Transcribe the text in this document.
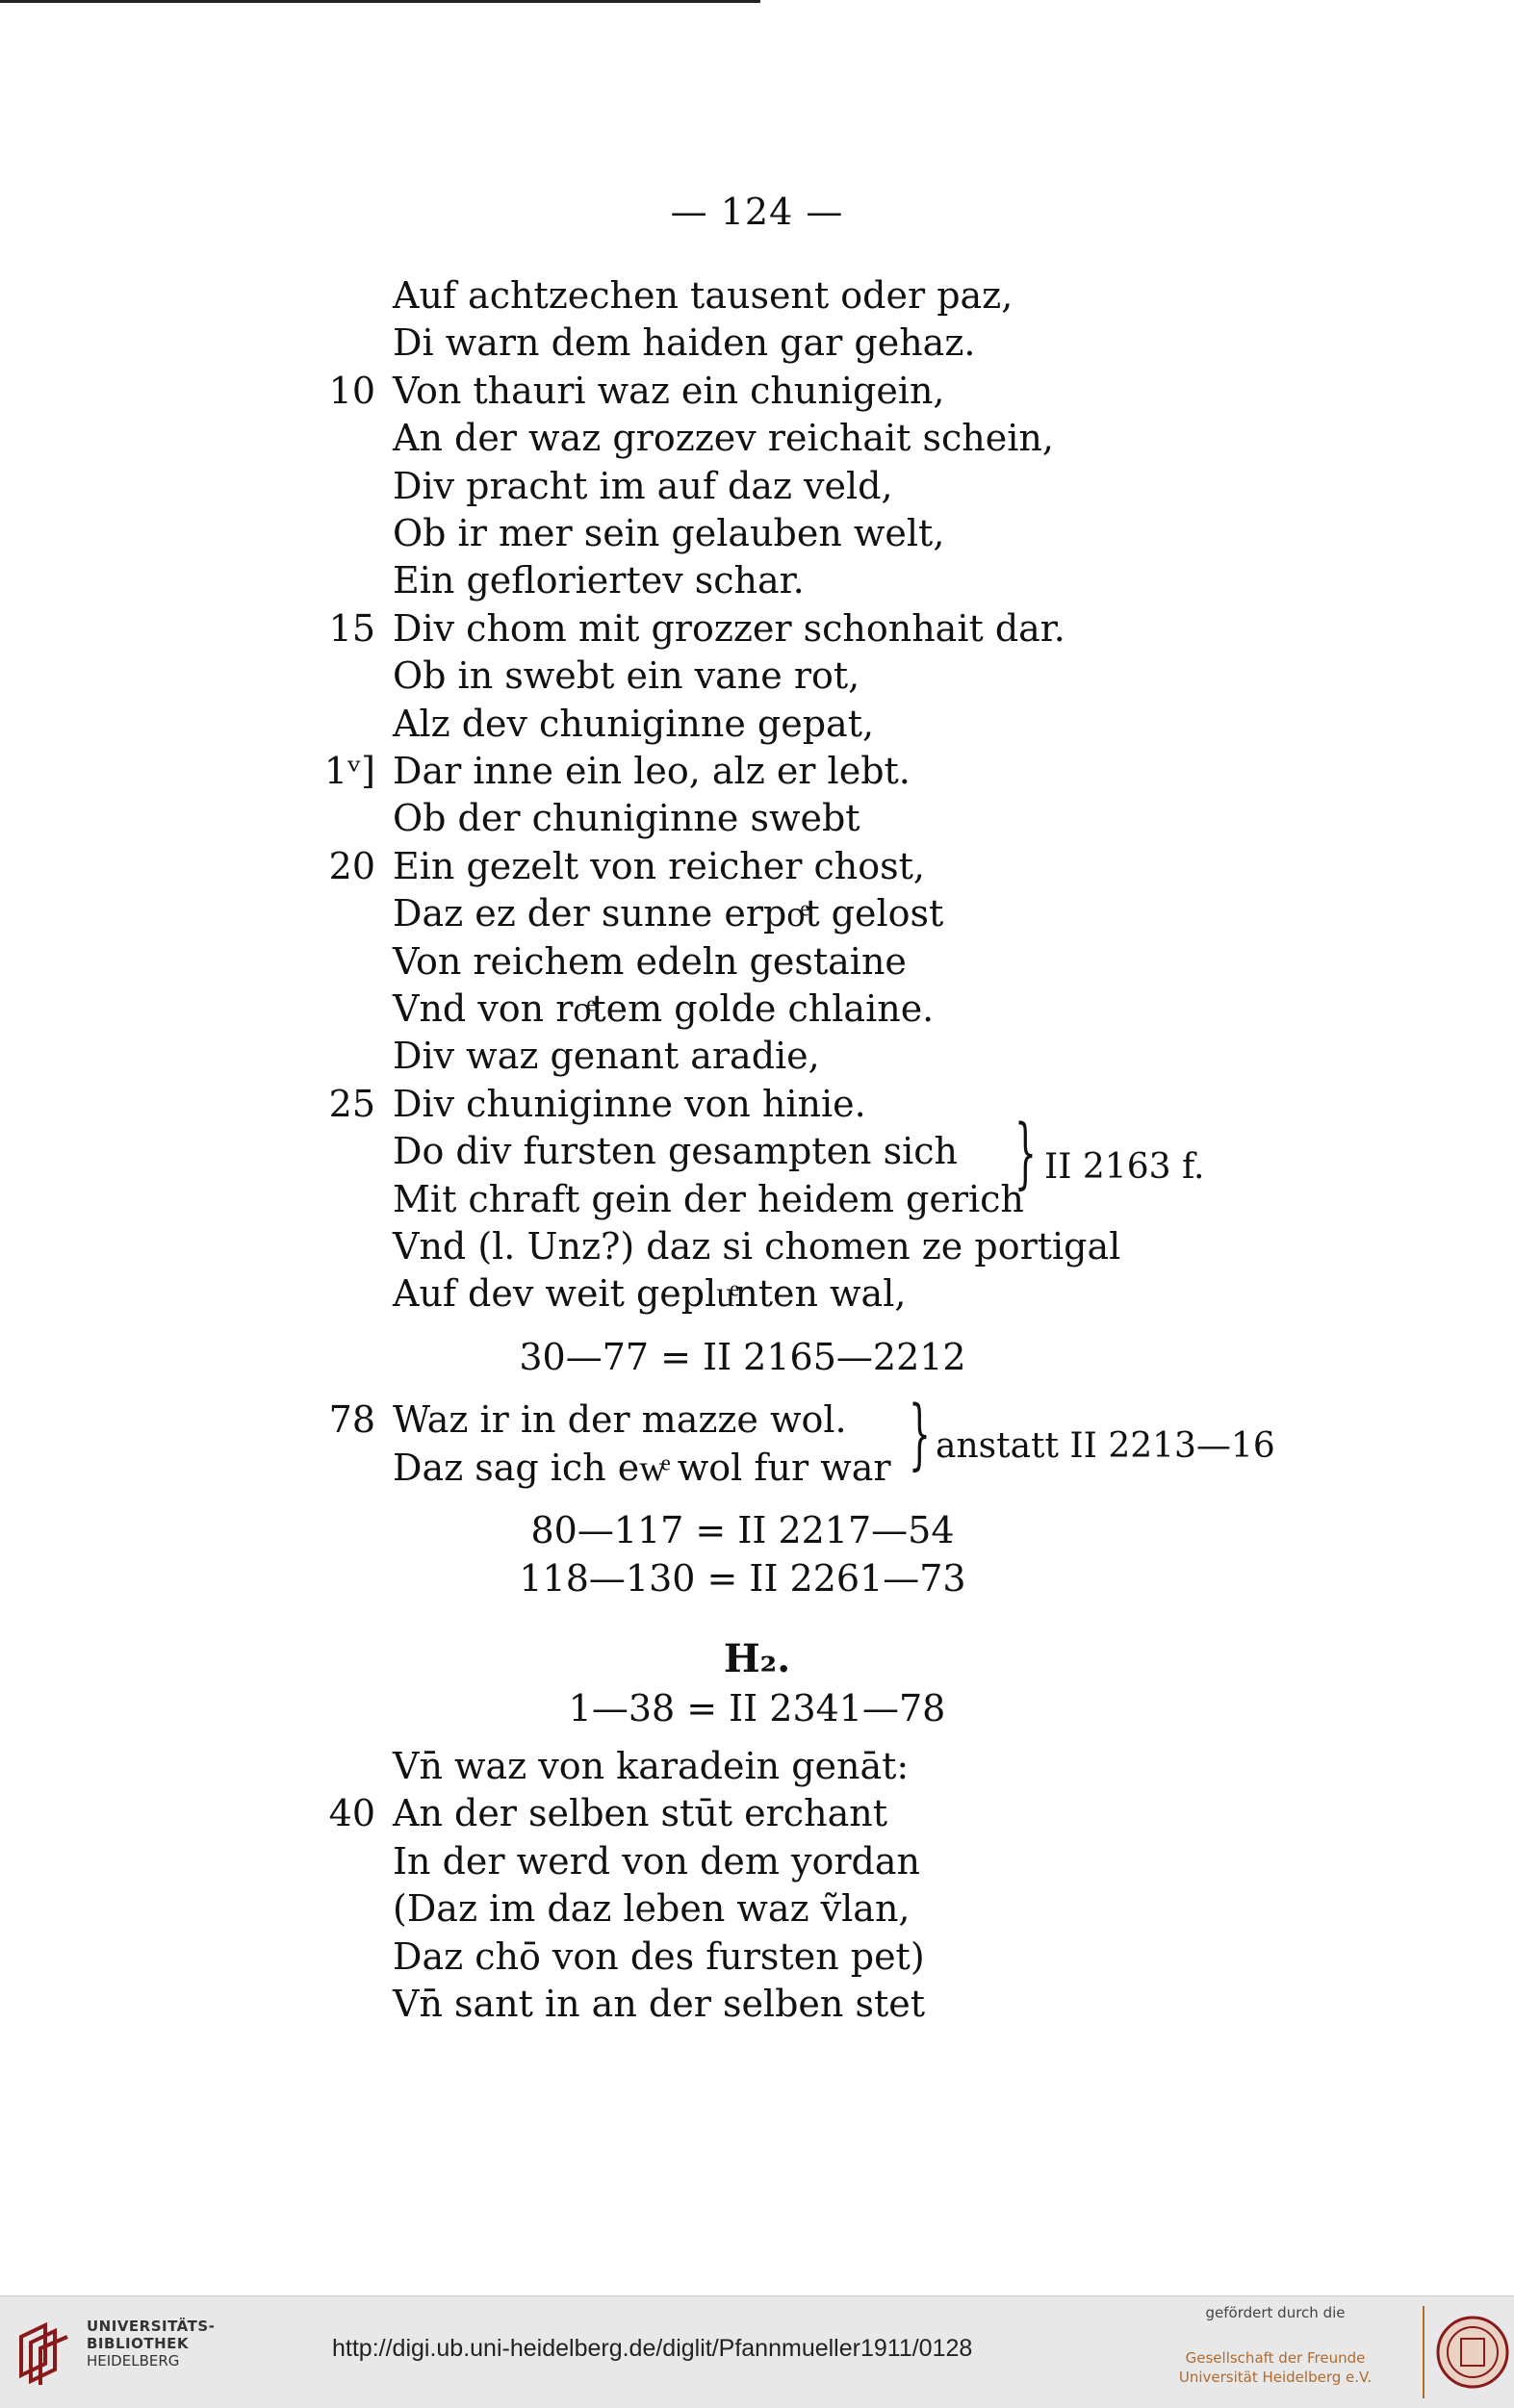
— 124 —
Auf achtzechen tausent oder paz,
Di warn dem haiden gar gehaz.
10 Von thauri waz ein chunigein,
An der waz grozzev reichait schein,
Div pracht im auf daz veld,
Ob ir mer sein gelauben welt,
Ein gefloriertev schar.
15 Div chom mit grozzer schonhait dar.
Ob in swebt ein vane rot,
Alz dev chuniginne gepat,
1ᵛ] Dar inne ein leo, alz er lebt.
Ob der chuniginne swebt
20 Ein gezelt von reicher chost,
Daz ez der sunne erpoͤt gelost
Von reichem edeln gestaine
Vnd von roͤtem golde chlaine.
Div waz genant aradie,
25 Div chuniginne von hinie.
Do div fursten gesampten sich
Mit chraft gein der heidem gerich
Vnd (l. Unz?) daz si chomen ze portigal
Auf dev weit gepluͤnten wal,
} II 2163 f.
30—77 = II 2165—2212
78 Waz ir in der mazze wol.
Daz sag ich ewͤ wol fur war } anstatt II 2213—16
80—117 = II 2217—54
118—130 = II 2261—73
H₂.
1—38 = II 2341—78
Vn̄ waz von karadein genāt:
40 An der selben stūt erchant
In der werd von dem yordan
(Daz im daz leben waz ṽlan,
Daz chō von des fursten pet)
Vn̄ sant in an der selben stet
UNIVERSITÄTS-
BIBLIOTHEK
HEIDELBERG	http://digi.ub.uni-heidelberg.de/diglit/Pfannmueller1911/0128
gefördert durch die
Gesellschaft der Freunde
Universität Heidelberg e.V.
